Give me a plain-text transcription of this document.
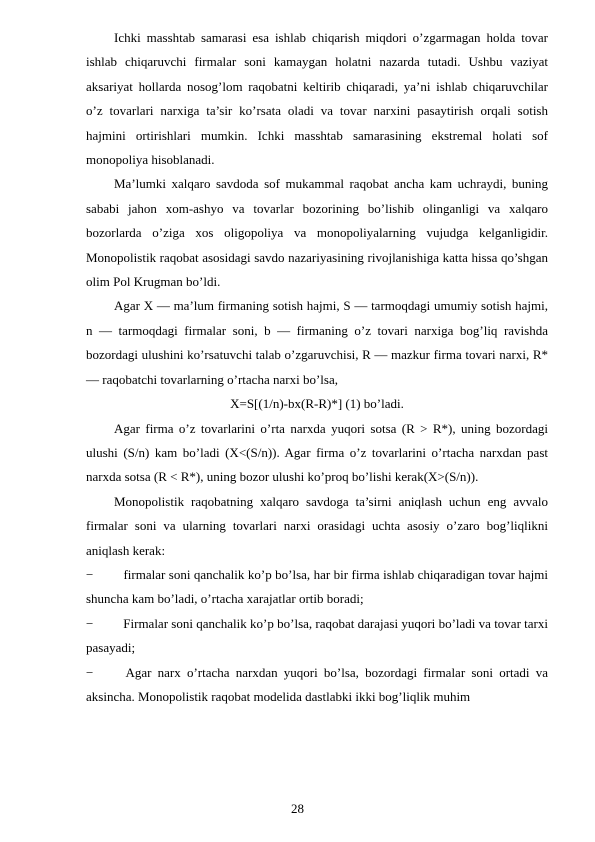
Ichki masshtab samarasi esa ishlab chiqarish miqdori o’zgarmagan holda tovar ishlab chiqaruvchi firmalar soni kamaygan holatni nazarda tutadi. Ushbu vaziyat aksariyat hollarda nosog’lom raqobatni keltirib chiqaradi, ya’ni ishlab chiqaruvchilar o’z tovarlari narxiga ta’sir ko’rsata oladi va tovar narxini pasaytirish orqali sotish hajmini ortirishlari mumkin. Ichki masshtab samarasining ekstremal holati sof monopoliya hisoblanadi.

Ma’lumki xalqaro savdoda sof mukammal raqobat ancha kam uchraydi, buning sababi jahon xom-ashyo va tovarlar bozorining bo’lishib olinganligi va xalqaro bozorlarda o’ziga xos oligopoliya va monopoliyalarning vujudga kelganligidir. Monopolistik raqobat asosidagi savdo nazariyasining rivojlanishiga katta hissa qo’shgan olim Pol Krugman bo’ldi.

Agar X — ma’lum firmaning sotish hajmi, S — tarmoqdagi umumiy sotish hajmi, n — tarmoqdagi firmalar soni, b — firmaning o’z tovari narxiga bog’liq ravishda bozordagi ulushini ko’rsatuvchi talab o’zgaruvchisi, R — mazkur firma tovari narxi, R* — raqobatchi tovarlarning o’rtacha narxi bo’lsa,

X=S[(1/n)-bx(R-R)*] (1) bo’ladi.

Agar firma o’z tovarlarini o’rta narxda yuqori sotsa (R > R*), uning bozordagi ulushi (S/n) kam bo’ladi (X<(S/n)). Agar firma o’z tovarlarini o’rtacha narxdan past narxda sotsa (R < R*), uning bozor ulushi ko’proq bo’lishi kerak(X>(S/n)).

Monopolistik raqobatning xalqaro savdoga ta’sirni aniqlash uchun eng avvalo firmalar soni va ularning tovarlari narxi orasidagi uchta asosiy o’zaro bog’liqlikni aniqlash kerak:

− firmalar soni qanchalik ko’p bo’lsa, har bir firma ishlab chiqaradigan tovar hajmi shuncha kam bo’ladi, o’rtacha xarajatlar ortib boradi;

− Firmalar soni qanchalik ko’p bo’lsa, raqobat darajasi yuqori bo’ladi va tovar tarxi pasayadi;

− Agar narx o’rtacha narxdan yuqori bo’lsa, bozordagi firmalar soni ortadi va aksincha. Monopolistik raqobat modelida dastlabki ikki bog’liqlik muhim

28
